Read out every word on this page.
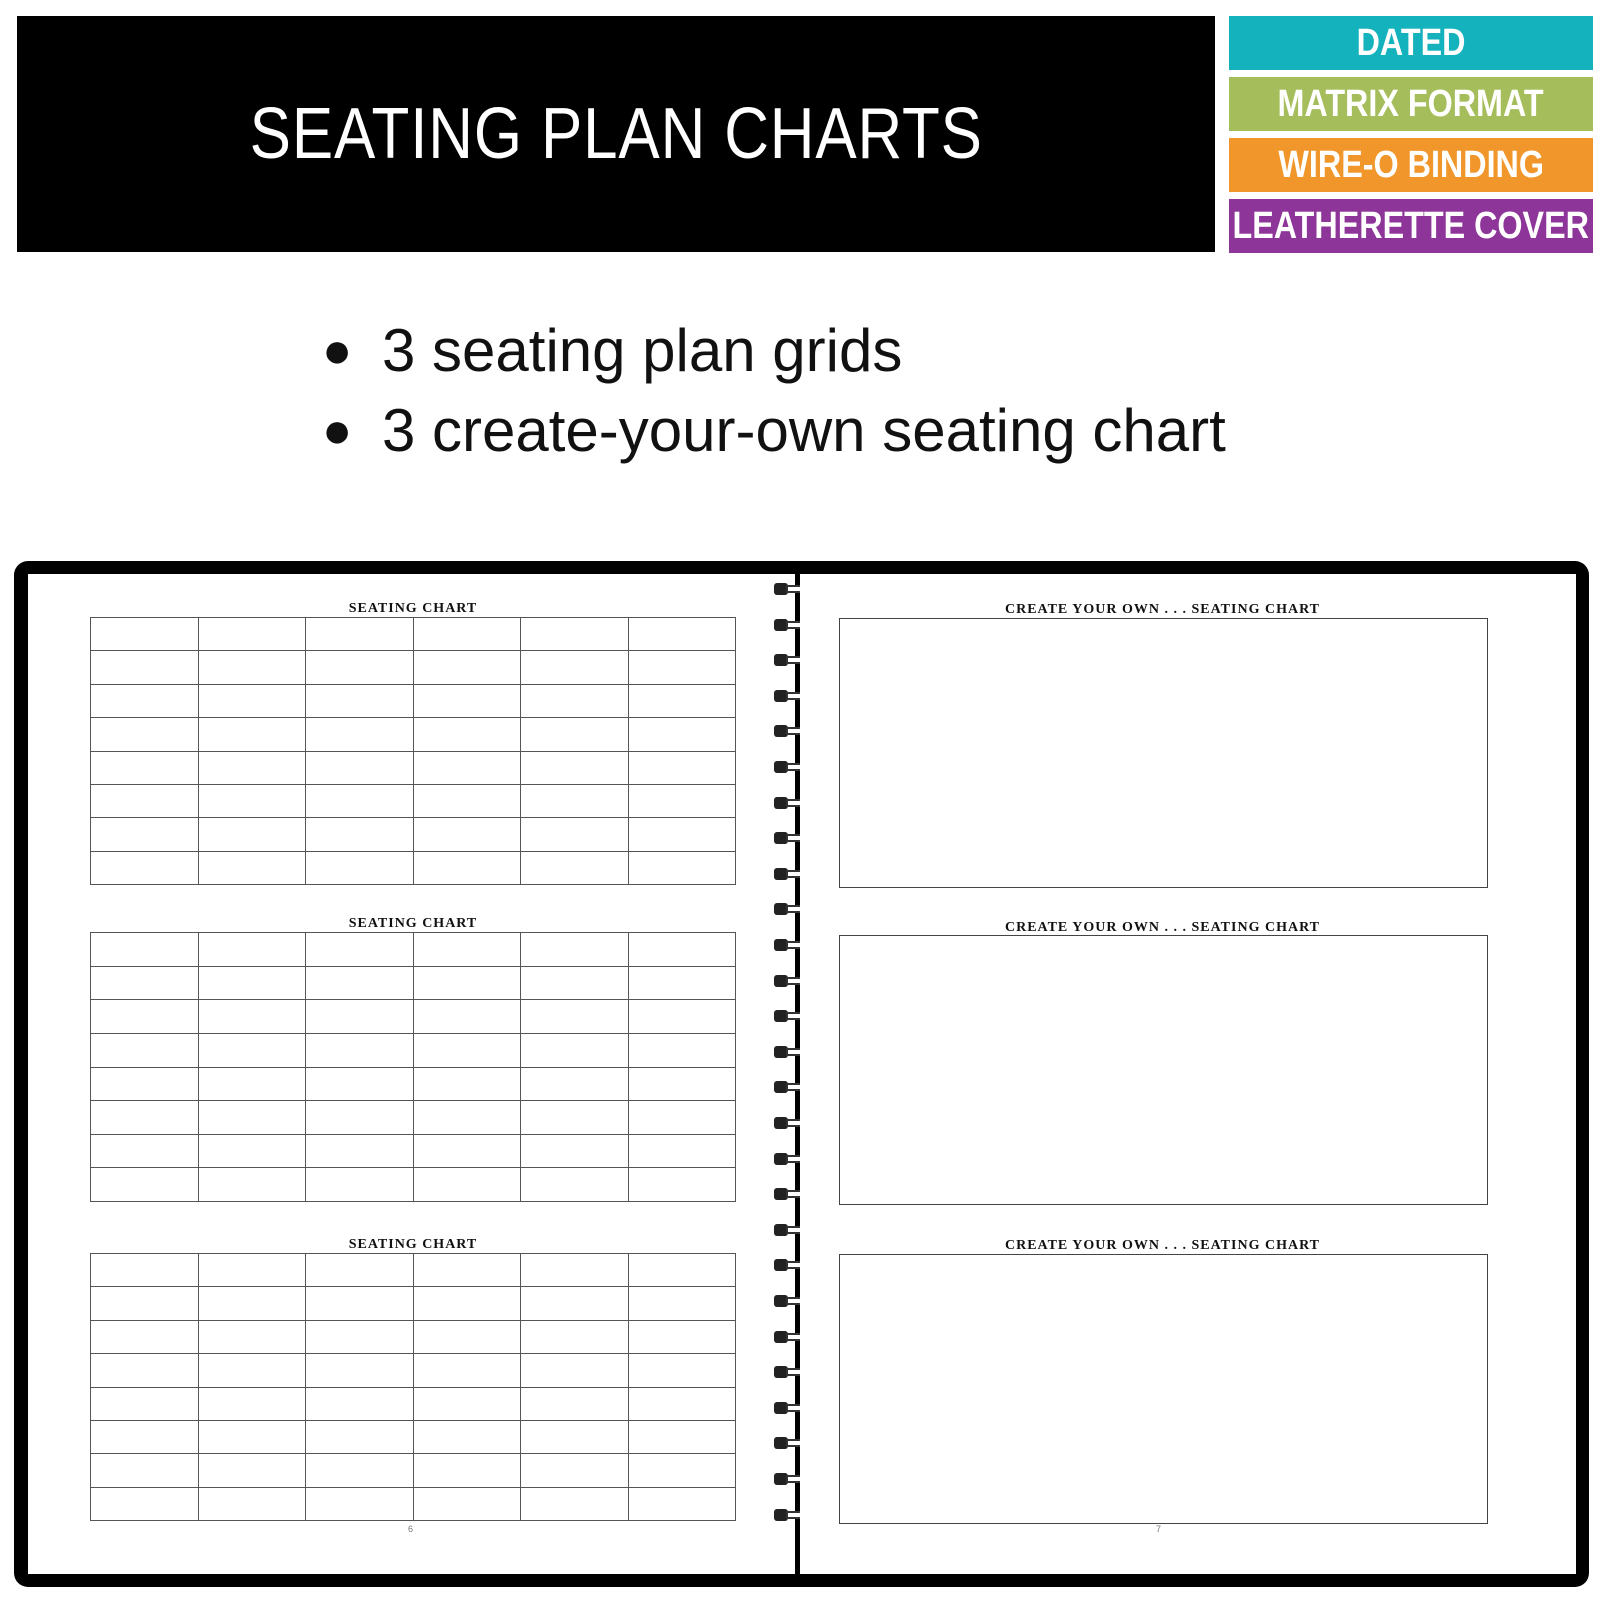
SEATING PLAN CHARTS
DATED
MATRIX FORMAT
WIRE-O BINDING
LEATHERETTE COVER
● 3 seating plan grids
● 3 create-your-own seating chart
SEATING CHART

SEATING CHART

SEATING CHART

6
CREATE YOUR OWN . . . SEATING CHART
CREATE YOUR OWN . . . SEATING CHART
CREATE YOUR OWN . . . SEATING CHART
7
